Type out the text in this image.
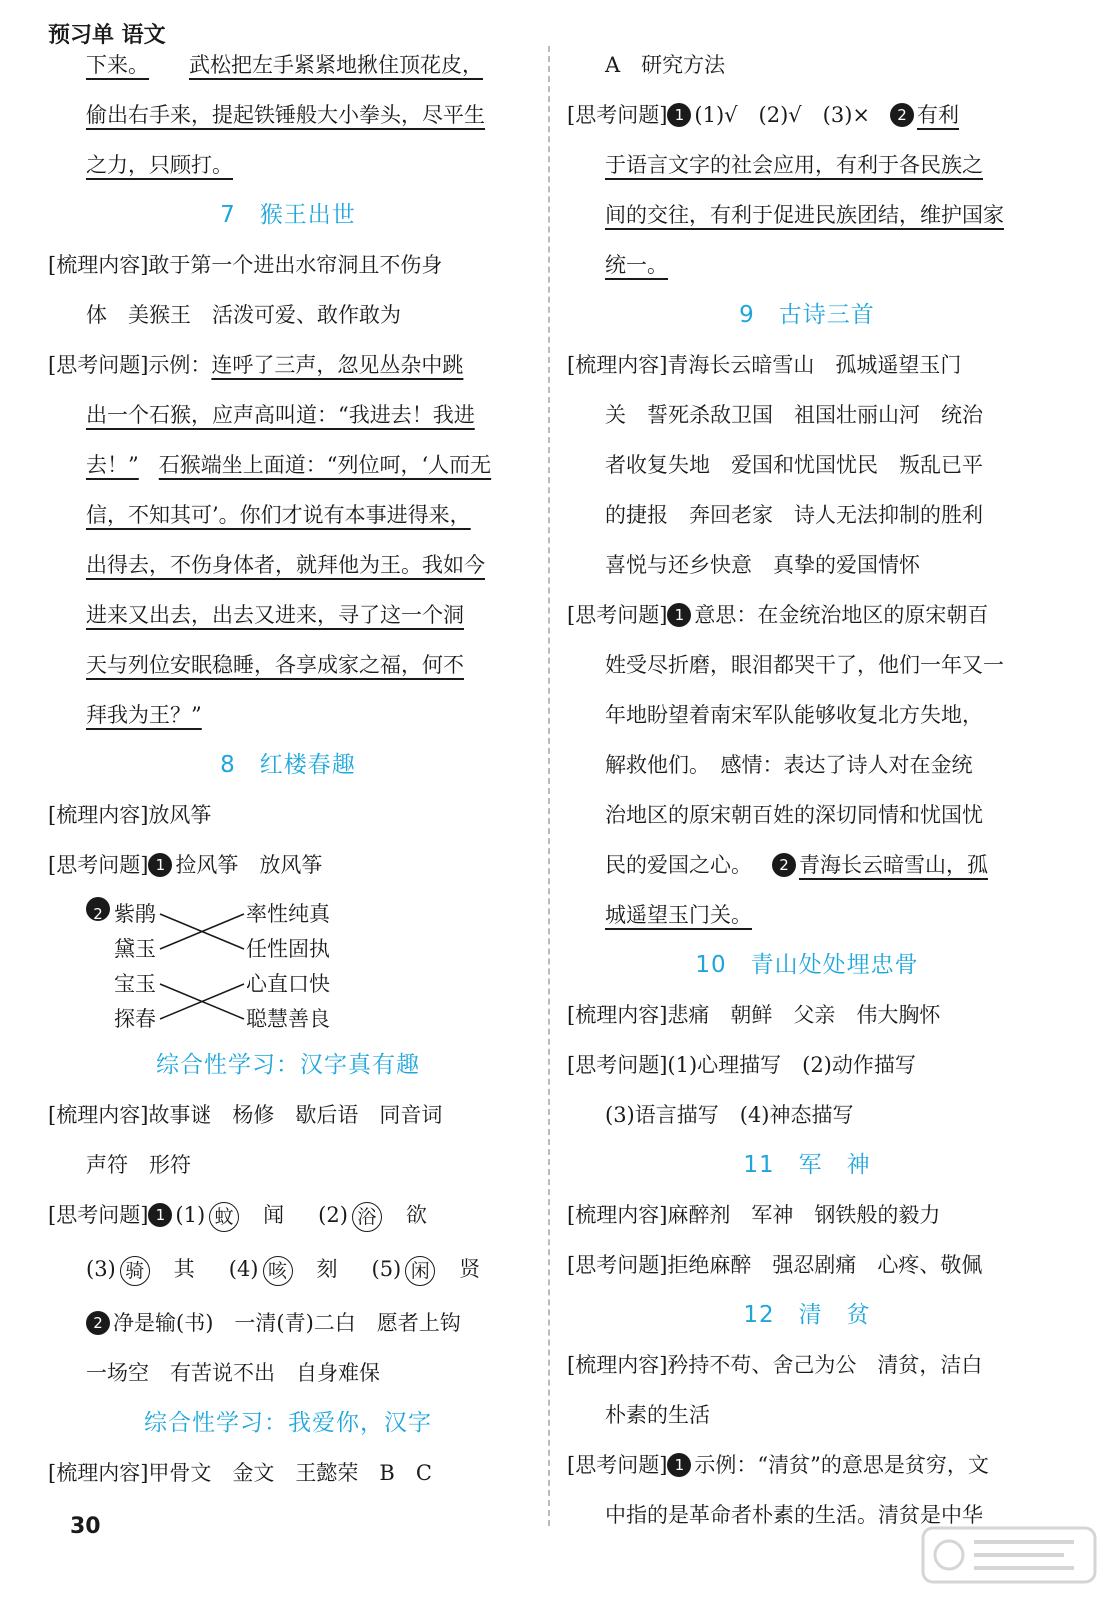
预习单 语文
下来。 武松把左手紧紧地揪住顶花皮，
偷出右手来，提起铁锤般大小拳头，尽平生
之力，只顾打。
7　猴王出世
[梳理内容]敢于第一个进出水帘洞且不伤身
体　美猴王　活泼可爱、敢作敢为
[思考问题]示例：连呼了三声，忽见丛杂中跳
出一个石猴，应声高叫道：“我进去！我进
去！” 石猴端坐上面道：“列位呵，‘人而无
信，不知其可’。你们才说有本事进得来，
出得去，不伤身体者，就拜他为王。我如今
进来又出去，出去又进来，寻了这一个洞
天与列位安眠稳睡，各享成家之福，何不
拜我为王？”
8　红楼春趣
[梳理内容]放风筝
[思考问题] 1 捡风筝　放风筝
2 紫鹃
黛玉
宝玉
探春
率性纯真
任性固执
心直口快
聪慧善良
综合性学习：汉字真有趣
[梳理内容]故事谜　杨修　歇后语　同音词
声符　形符
[思考问题] 1 (1) 蚊 闻 (2) 浴 欲
(3) 骑 其 (4) 咳 刻 (5) 闲 贤
2 净是输(书)　一清(青)二白　愿者上钩
一场空　有苦说不出　自身难保
综合性学习：我爱你，汉字
[梳理内容]甲骨文　金文　王懿荣　B　C
A　研究方法
[思考问题] 1 (1)√　(2)√　(3)× 2 有利
于语言文字的社会应用，有利于各民族之
间的交往，有利于促进民族团结，维护国家
统一。
9　古诗三首
[梳理内容]青海长云暗雪山　孤城遥望玉门
关　誓死杀敌卫国　祖国壮丽山河　统治
者收复失地　爱国和忧国忧民　叛乱已平
的捷报　奔回老家　诗人无法抑制的胜利
喜悦与还乡快意　真挚的爱国情怀
[思考问题] 1 意思：在金统治地区的原宋朝百
姓受尽折磨，眼泪都哭干了，他们一年又一
年地盼望着南宋军队能够收复北方失地，
解救他们。　感情：表达了诗人对在金统
治地区的原宋朝百姓的深切同情和忧国忧
民的爱国之心。 2 青海长云暗雪山，孤
城遥望玉门关。
10　青山处处埋忠骨
[梳理内容]悲痛　朝鲜　父亲　伟大胸怀
[思考问题](1)心理描写　(2)动作描写
(3)语言描写　(4)神态描写
11　军　神
[梳理内容]麻醉剂　军神　钢铁般的毅力
[思考问题]拒绝麻醉　强忍剧痛　心疼、敬佩
12　清　贫
[梳理内容]矜持不苟、舍己为公　清贫，洁白
朴素的生活
[思考问题] 1 示例：“清贫”的意思是贫穷，文
中指的是革命者朴素的生活。清贫是中华
30
